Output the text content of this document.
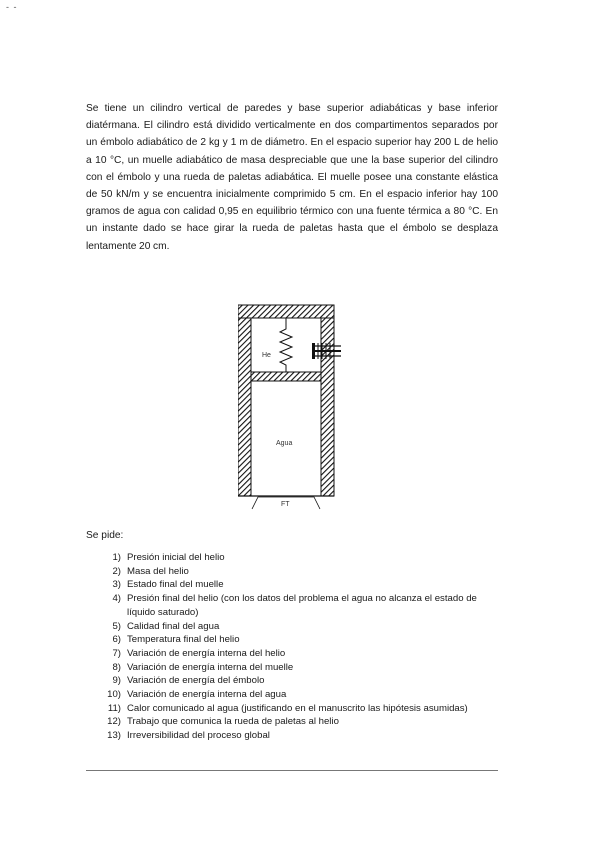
- -

Se tiene un cilindro vertical de paredes y base superior adiabáticas y base inferior diatérmana. El cilindro está dividido verticalmente en dos compartimentos separados por un émbolo adiabático de 2 kg y 1 m de diámetro. En el espacio superior hay 200 L de helio a 10 °C, un muelle adiabático de masa despreciable que une la base superior del cilindro con el émbolo y una rueda de paletas adiabática. El muelle posee una constante elástica de 50 kN/m y se encuentra inicialmente comprimido 5 cm. En el espacio inferior hay 100 gramos de agua con calidad 0,95 en equilibrio térmico con una fuente térmica a 80 °C. En un instante dado se hace girar la rueda de paletas hasta que el émbolo se desplaza lentamente 20 cm.

He
Agua
FT

Se pide:

1) Presión inicial del helio
2) Masa del helio
3) Estado final del muelle
4) Presión final del helio (con los datos del problema el agua no alcanza el estado de líquido saturado)
5) Calidad final del agua
6) Temperatura final del helio
7) Variación de energía interna del helio
8) Variación de energía interna del muelle
9) Variación de energía del émbolo
10) Variación de energía interna del agua
11) Calor comunicado al agua (justificando en el manuscrito las hipótesis asumidas)
12) Trabajo que comunica la rueda de paletas al helio
13) Irreversibilidad del proceso global
